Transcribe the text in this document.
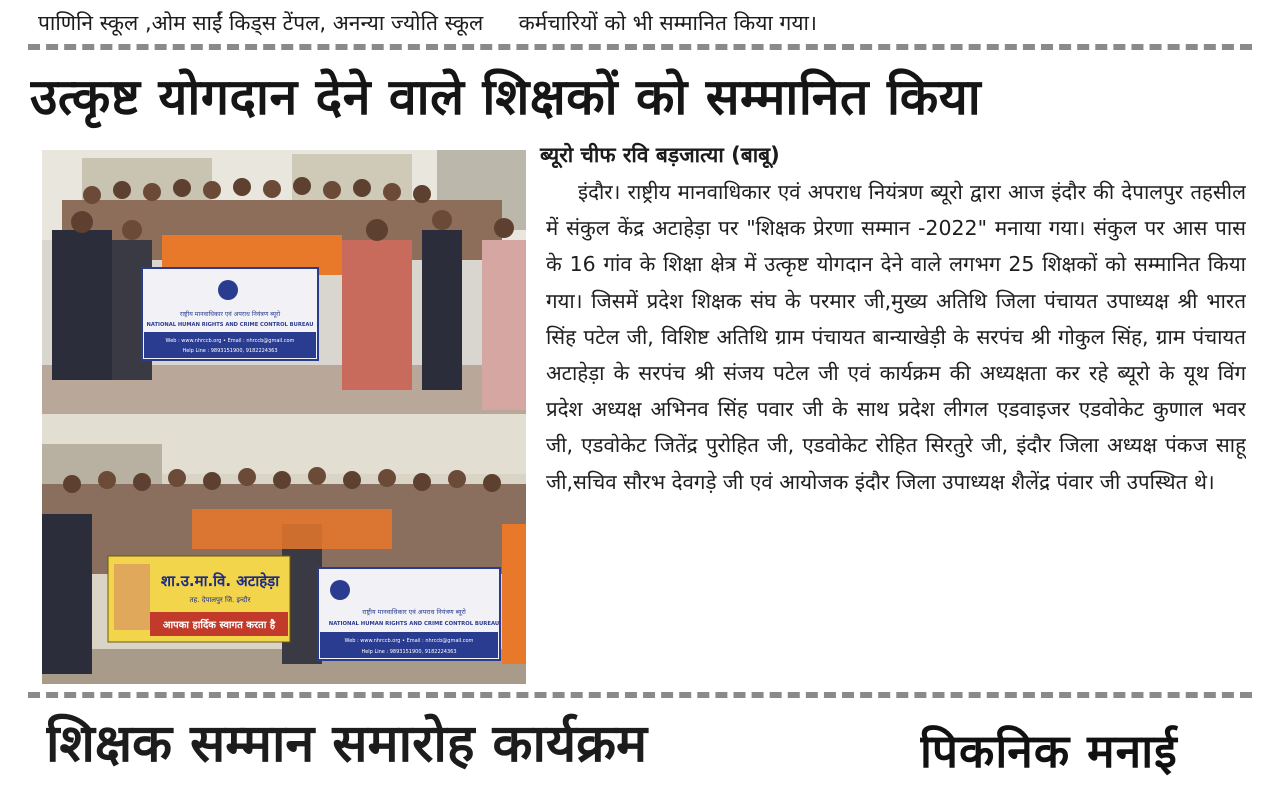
पाणिनि स्कूल ,ओम साईं किड्स टेंपल, अनन्या ज्योति स्कूल कर्मचारियों को भी सम्मानित किया गया।
उत्कृष्ट योगदान देने वाले शिक्षकों को सम्मानित किया
राष्ट्रीय मानवाधिकार एवं अपराध नियंत्रण ब्यूरो
NATIONAL HUMAN RIGHTS AND CRIME CONTROL BUREAU
Web : www.nhrccb.org • Email : nhrccb@gmail.com
Help Line : 9893151900, 9182224363
शा.उ.मा.वि. अटाहेड़ा
तह. देपालपुर जि. इन्दौर
आपका हार्दिक स्वागत करता है
राष्ट्रीय मानवाधिकार एवं अपराध नियंत्रण ब्यूरो
NATIONAL HUMAN RIGHTS AND CRIME CONTROL BUREAU
Web : www.nhrccb.org • Email : nhrccb@gmail.com
Help Line : 9893151900, 9182224363
ब्यूरो चीफ रवि बड़जात्या (बाबू)
इंदौर। राष्ट्रीय मानवाधिकार एवं अपराध नियंत्रण ब्यूरो द्वारा आज इंदौर की देपालपुर तहसील में संकुल केंद्र अटाहेड़ा पर "शिक्षक प्रेरणा सम्मान -2022" मनाया गया। संकुल पर आस पास के 16 गांव के शिक्षा क्षेत्र में उत्कृष्ट योगदान देने वाले लगभग 25 शिक्षकों को सम्मानित किया गया। जिसमें प्रदेश शिक्षक संघ के परमार जी,मुख्य अतिथि जिला पंचायत उपाध्यक्ष श्री भारत सिंह पटेल जी, विशिष्ट अतिथि ग्राम पंचायत बान्याखेड़ी के सरपंच श्री गोकुल सिंह, ग्राम पंचायत अटाहेड़ा के सरपंच श्री संजय पटेल जी एवं कार्यक्रम की अध्यक्षता कर रहे ब्यूरो के यूथ विंग प्रदेश अध्यक्ष अभिनव सिंह पवार जी के साथ प्रदेश लीगल एडवाइजर एडवोकेट कुणाल भवर जी, एडवोकेट जितेंद्र पुरोहित जी, एडवोकेट रोहित सिरतुरे जी, इंदौर जिला अध्यक्ष पंकज साहू जी,सचिव सौरभ देवगड़े जी एवं आयोजक इंदौर जिला उपाध्यक्ष शैलेंद्र पंवार जी उपस्थित थे।
शिक्षक सम्मान समारोह कार्यक्रम	पिकनिक मनाई
